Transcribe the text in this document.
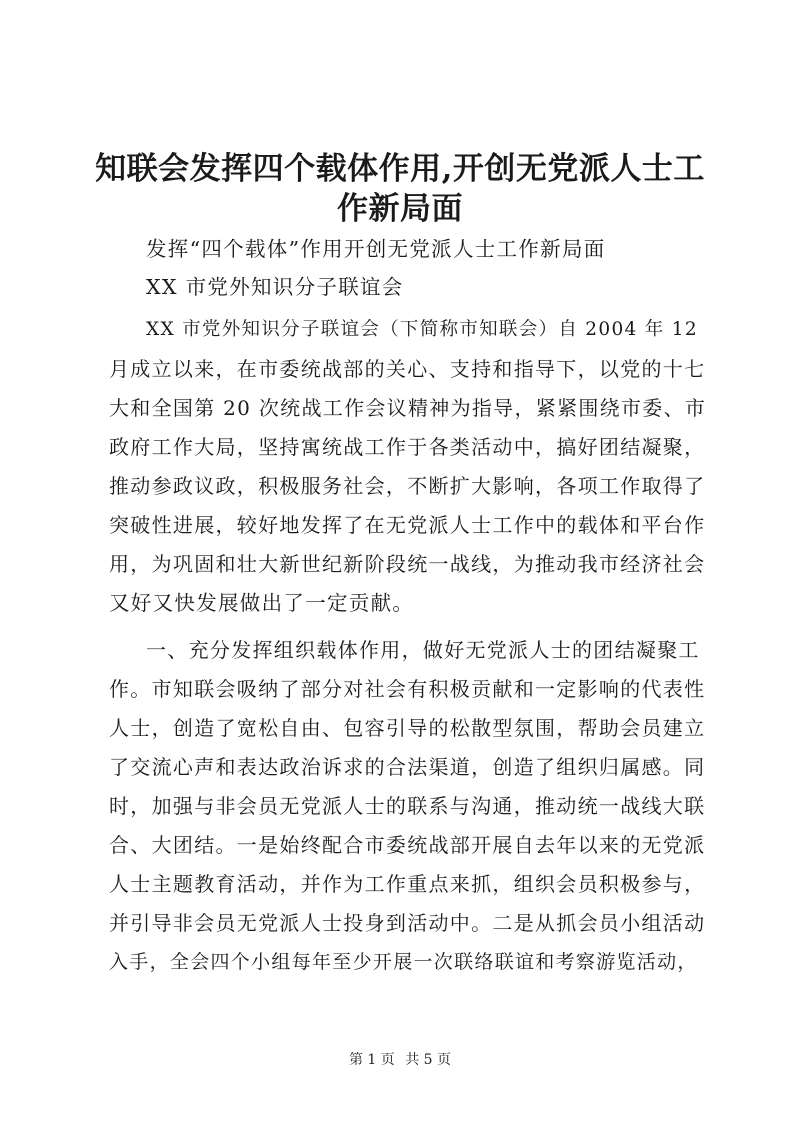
知联会发挥四个载体作用,开创无党派人士工
作新局面
发挥“四个载体”作用开创无党派人士工作新局面
XX 市党外知识分子联谊会
XX 市党外知识分子联谊会（下简称市知联会）自 2004 年 12
月成立以来，在市委统战部的关心、支持和指导下，以党的十七
大和全国第 20 次统战工作会议精神为指导，紧紧围绕市委、市
政府工作大局，坚持寓统战工作于各类活动中，搞好团结凝聚，
推动参政议政，积极服务社会，不断扩大影响，各项工作取得了
突破性进展，较好地发挥了在无党派人士工作中的载体和平台作
用，为巩固和壮大新世纪新阶段统一战线，为推动我市经济社会
又好又快发展做出了一定贡献。
一、充分发挥组织载体作用，做好无党派人士的团结凝聚工
作。市知联会吸纳了部分对社会有积极贡献和一定影响的代表性
人士，创造了宽松自由、包容引导的松散型氛围，帮助会员建立
了交流心声和表达政治诉求的合法渠道，创造了组织归属感。同
时，加强与非会员无党派人士的联系与沟通，推动统一战线大联
合、大团结。一是始终配合市委统战部开展自去年以来的无党派
人士主题教育活动，并作为工作重点来抓，组织会员积极参与，
并引导非会员无党派人士投身到活动中。二是从抓会员小组活动
入手，全会四个小组每年至少开展一次联络联谊和考察游览活动，
第 1 页 共 5 页
